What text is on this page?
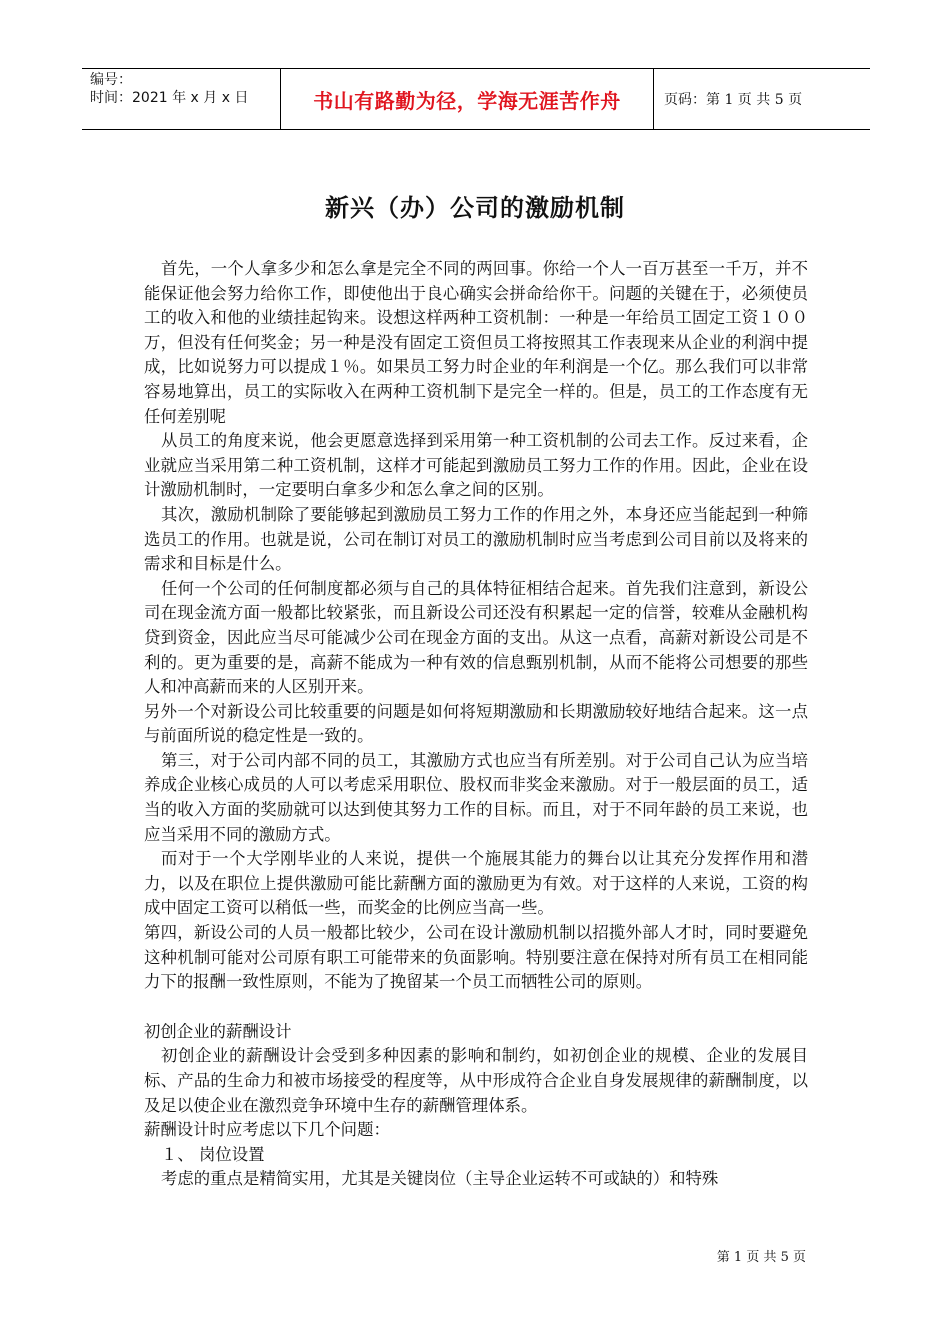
编号：
时间：2021 年 x 月 x 日	书山有路勤为径，学海无涯苦作舟	页码：第 1 页 共 5 页
新兴（办）公司的激励机制

首先，一个人拿多少和怎么拿是完全不同的两回事。你给一个人一百万甚至一千万，并不能保证他会努力给你工作，即使他出于良心确实会拼命给你干。问题的关键在于，必须使员工的收入和他的业绩挂起钩来。设想这样两种工资机制：一种是一年给员工固定工资１００万，但没有任何奖金；另一种是没有固定工资但员工将按照其工作表现来从企业的利润中提成，比如说努力可以提成１％。如果员工努力时企业的年利润是一个亿。那么我们可以非常容易地算出，员工的实际收入在两种工资机制下是完全一样的。但是，员工的工作态度有无任何差别呢

从员工的角度来说，他会更愿意选择到采用第一种工资机制的公司去工作。反过来看，企业就应当采用第二种工资机制，这样才可能起到激励员工努力工作的作用。因此，企业在设计激励机制时，一定要明白拿多少和怎么拿之间的区别。

其次，激励机制除了要能够起到激励员工努力工作的作用之外，本身还应当能起到一种筛选员工的作用。也就是说，公司在制订对员工的激励机制时应当考虑到公司目前以及将来的需求和目标是什么。

任何一个公司的任何制度都必须与自己的具体特征相结合起来。首先我们注意到，新设公司在现金流方面一般都比较紧张，而且新设公司还没有积累起一定的信誉，较难从金融机构贷到资金，因此应当尽可能减少公司在现金方面的支出。从这一点看，高薪对新设公司是不利的。更为重要的是，高薪不能成为一种有效的信息甄别机制，从而不能将公司想要的那些人和冲高薪而来的人区别开来。

另外一个对新设公司比较重要的问题是如何将短期激励和长期激励较好地结合起来。这一点与前面所说的稳定性是一致的。

第三，对于公司内部不同的员工，其激励方式也应当有所差别。对于公司自己认为应当培养成企业核心成员的人可以考虑采用职位、股权而非奖金来激励。对于一般层面的员工，适当的收入方面的奖励就可以达到使其努力工作的目标。而且，对于不同年龄的员工来说，也应当采用不同的激励方式。

而对于一个大学刚毕业的人来说，提供一个施展其能力的舞台以让其充分发挥作用和潜力，以及在职位上提供激励可能比薪酬方面的激励更为有效。对于这样的人来说，工资的构成中固定工资可以稍低一些，而奖金的比例应当高一些。

第四，新设公司的人员一般都比较少，公司在设计激励机制以招揽外部人才时，同时要避免这种机制可能对公司原有职工可能带来的负面影响。特别要注意在保持对所有员工在相同能力下的报酬一致性原则，不能为了挽留某一个员工而牺牲公司的原则。

初创企业的薪酬设计

初创企业的薪酬设计会受到多种因素的影响和制约，如初创企业的规模、企业的发展目标、产品的生命力和被市场接受的程度等，从中形成符合企业自身发展规律的薪酬制度，以及足以使企业在激烈竞争环境中生存的薪酬管理体系。

薪酬设计时应考虑以下几个问题：

１、 岗位设置

考虑的重点是精简实用，尤其是关键岗位（主导企业运转不可或缺的）和特殊

第 1 页 共 5 页
